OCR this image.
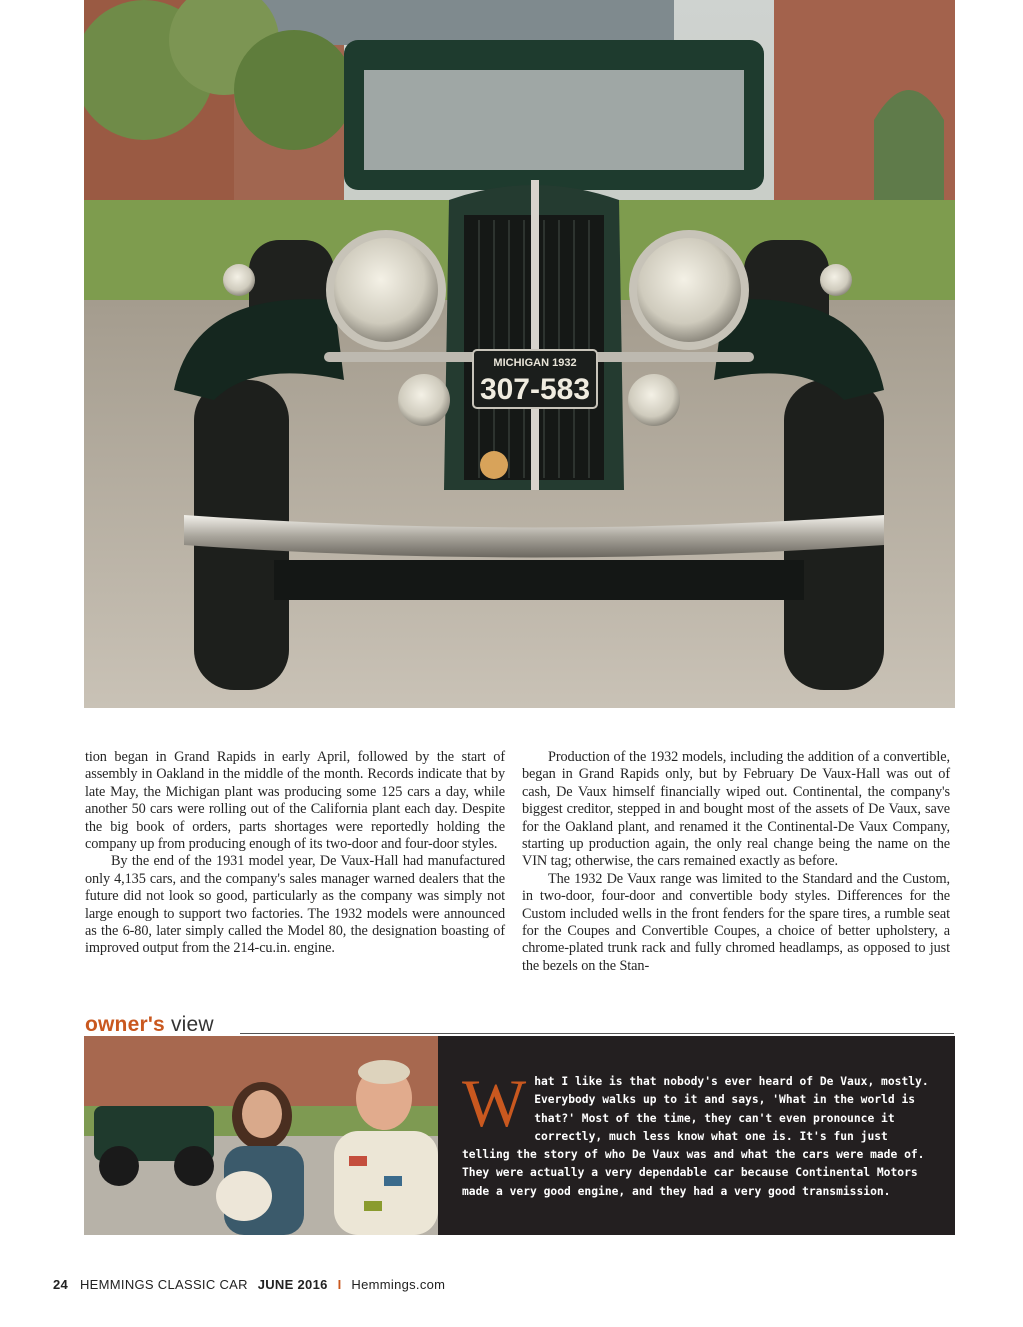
MICHIGAN 1932
307-583

tion began in Grand Rapids in early April, followed by the start of assembly in Oakland in the middle of the month. Records indicate that by late May, the Michigan plant was producing some 125 cars a day, while another 50 cars were rolling out of the California plant each day. Despite the big book of orders, parts shortages were reportedly holding the company up from producing enough of its two-door and four-door styles.

By the end of the 1931 model year, De Vaux-Hall had manufactured only 4,135 cars, and the company's sales manager warned dealers that the future did not look so good, particularly as the company was simply not large enough to support two factories. The 1932 models were announced as the 6-80, later simply called the Model 80, the designation boasting of improved output from the 214-cu.in. engine.

Production of the 1932 models, including the addition of a convertible, began in Grand Rapids only, but by February De Vaux-Hall was out of cash, De Vaux himself financially wiped out. Continental, the company's biggest creditor, stepped in and bought most of the assets of De Vaux, save for the Oakland plant, and renamed it the Continental-De Vaux Company, starting up production again, the only real change being the name on the VIN tag; otherwise, the cars remained exactly as before.

The 1932 De Vaux range was limited to the Standard and the Custom, in two-door, four-door and convertible body styles. Differences for the Custom included wells in the front fenders for the spare tires, a rumble seat for the Coupes and Convertible Coupes, a choice of better upholstery, a chrome-plated trunk rack and fully chromed headlamps, as opposed to just the bezels on the Stan-

owner's view
W hat I like is that nobody's ever heard of De Vaux, mostly. Everybody walks up to it and says, 'What in the world is that?' Most of the time, they can't even pronounce it correctly, much less know what one is. It's fun just telling the story of who De Vaux was and what the cars were made of. They were actually a very dependable car because Continental Motors made a very good engine, and they had a very good transmission.
24 HEMMINGS CLASSIC CAR JUNE 2016 I Hemmings.com
